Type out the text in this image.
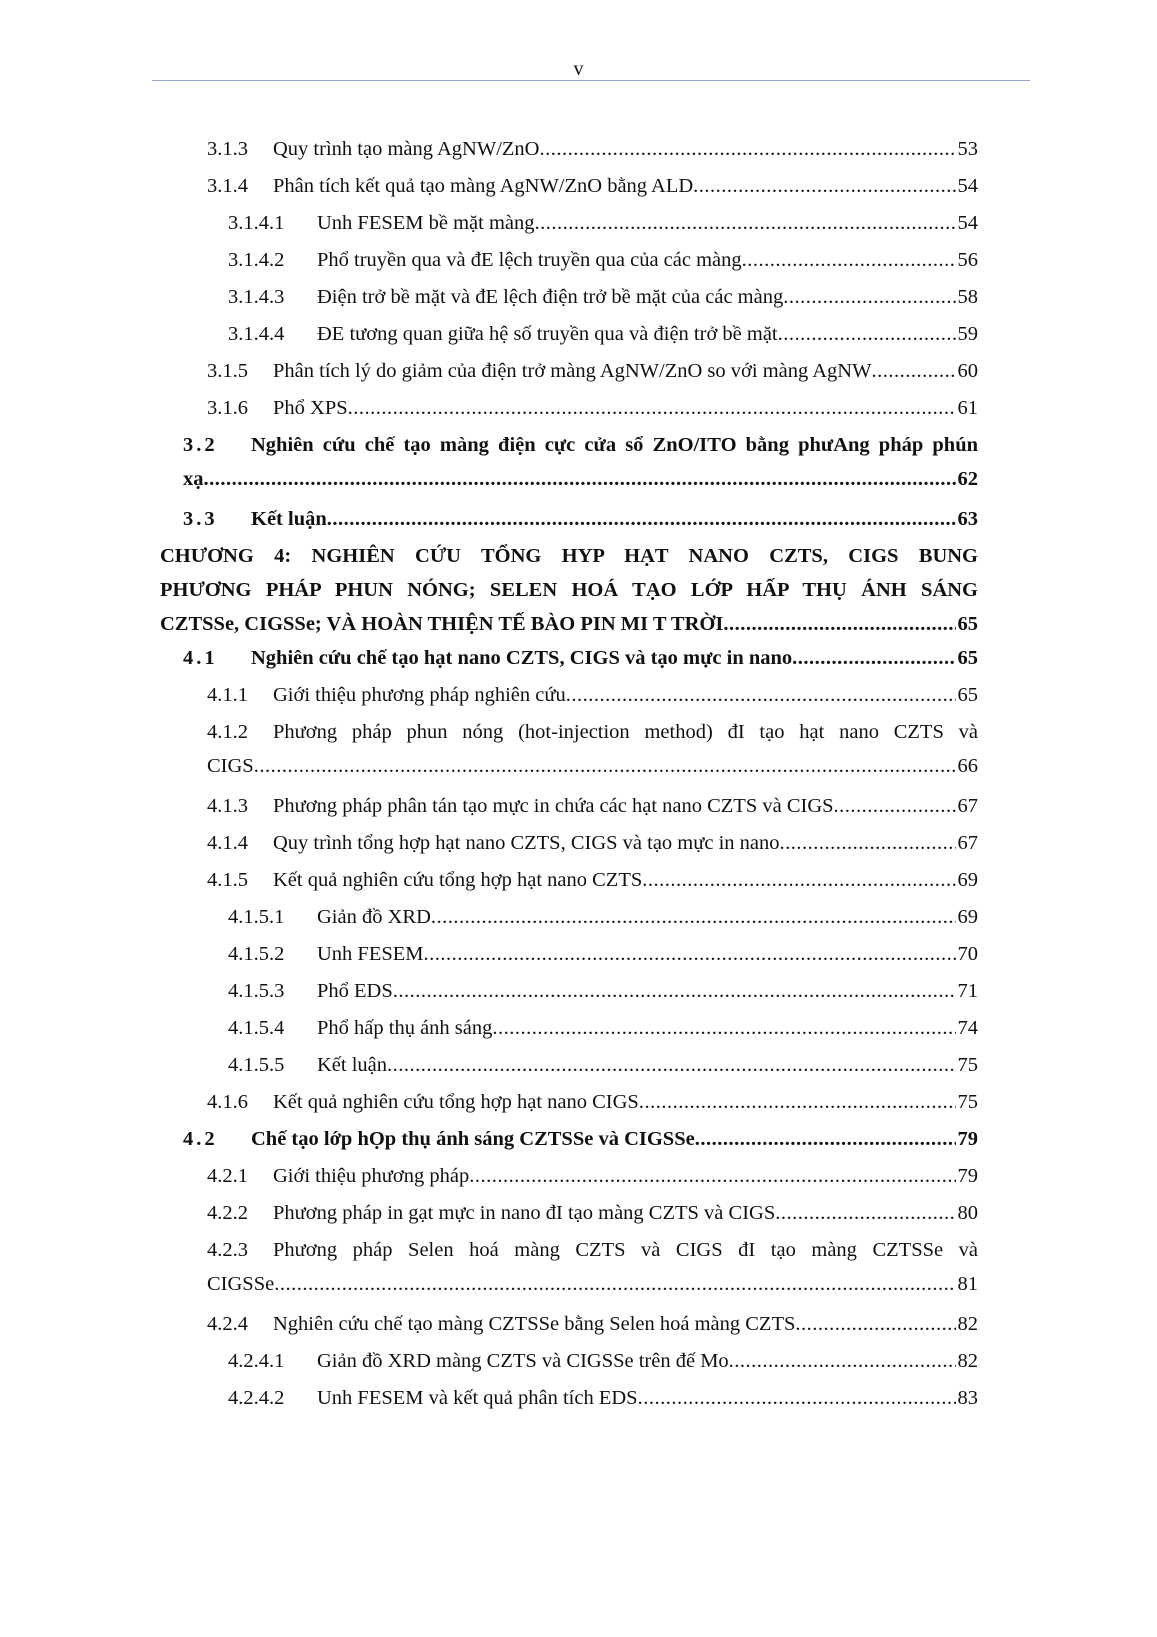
v
3.1.3	Quy trình tạo màng AgNW/ZnO .....	53
3.1.4	Phân tích kết quả tạo màng AgNW/ZnO bằng ALD .....	54
3.1.4.1	Unh FESEM bề mặt màng .....	54
3.1.4.2	Phổ truyền qua và đE lệch truyền qua của các màng .....	56
3.1.4.3	Điện trở bề mặt và đE lệch điện trở bề mặt của các màng .....	58
3.1.4.4	ĐE tương quan giữa hệ số truyền qua và điện trở bề mặt .....	59
3.1.5	Phân tích lý do giảm của điện trở màng AgNW/ZnO so với màng AgNW .....	60
3.1.6	Phổ XPS .....	61
3.2	Nghiên cứu chế tạo màng điện cực cửa sổ ZnO/ITO bằng phưAng pháp phún
xạ .....	62
3.3	Kết luận .....	63
CHƯƠNG 4: NGHIÊN CỨU TỔNG HYP HẠT NANO CZTS, CIGS BUNG
PHƯƠNG PHÁP PHUN NÓNG; SELEN HOÁ TẠO LỚP HẤP THỤ ÁNH SÁNG
CZTSSe, CIGSSe; VÀ HOÀN THIỆN TẾ BÀO PIN MI T TRỜI .....	65
4.1	Nghiên cứu chế tạo hạt nano CZTS, CIGS và tạo mực in nano .....	65
4.1.1	Giới thiệu phương pháp nghiên cứu .....	65
4.1.2	Phương pháp phun nóng (hot-injection method) đI tạo hạt nano CZTS và
CIGS .....	66
4.1.3	Phương pháp phân tán tạo mực in chứa các hạt nano CZTS và CIGS .....	67
4.1.4	Quy trình tổng hợp hạt nano CZTS, CIGS và tạo mực in nano .....	67
4.1.5	Kết quả nghiên cứu tổng hợp hạt nano CZTS .....	69
4.1.5.1	Giản đồ XRD .....	69
4.1.5.2	Unh FESEM .....	70
4.1.5.3	Phổ EDS .....	71
4.1.5.4	Phổ hấp thụ ánh sáng .....	74
4.1.5.5	Kết luận .....	75
4.1.6	Kết quả nghiên cứu tổng hợp hạt nano CIGS .....	75
4.2	Chế tạo lớp hỌp thụ ánh sáng CZTSSe và CIGSSe .....	79
4.2.1	Giới thiệu phương pháp .....	79
4.2.2	Phương pháp in gạt mực in nano đI tạo màng CZTS và CIGS .....	80
4.2.3	Phương pháp Selen hoá màng CZTS và CIGS đI tạo màng CZTSSe và
CIGSSe .....	81
4.2.4	Nghiên cứu chế tạo màng CZTSSe bằng Selen hoá màng CZTS .....	82
4.2.4.1	Giản đồ XRD màng CZTS và CIGSSe trên đế Mo .....	82
4.2.4.2	Unh FESEM và kết quả phân tích EDS .....	83
